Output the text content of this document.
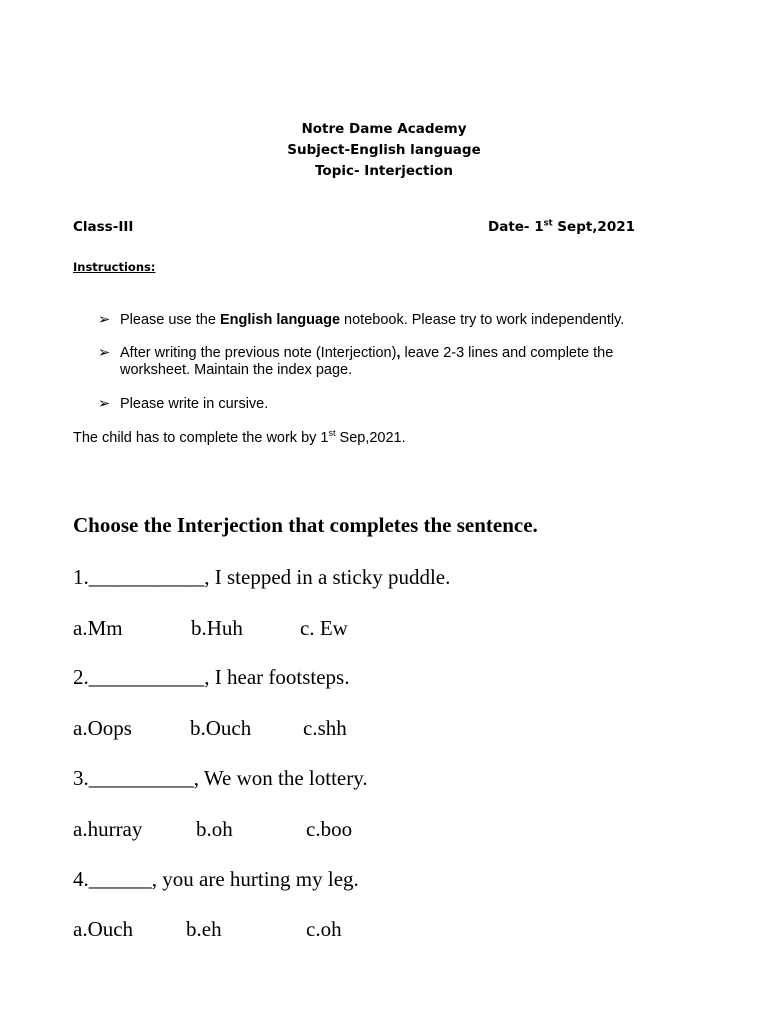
Notre Dame Academy
Subject-English language
Topic- Interjection
Class-III	Date- 1st Sept,2021
Instructions:
➢ Please use the English language notebook. Please try to work independently.
➢ After writing the previous note (Interjection), leave 2-3 lines and complete the
worksheet. Maintain the index page.
➢ Please write in cursive.
The child has to complete the work by 1st Sep,2021.
Choose the Interjection that completes the sentence.
1.___________, I stepped in a sticky puddle.
a.Mm	b.Huh	c. Ew
2.___________, I hear footsteps.
a.Oops	b.Ouch c.shh
3.__________, We won the lottery.
a.hurray	b.oh	c.boo
4.______, you are hurting my leg.
a.Ouch	b.eh	c.oh
